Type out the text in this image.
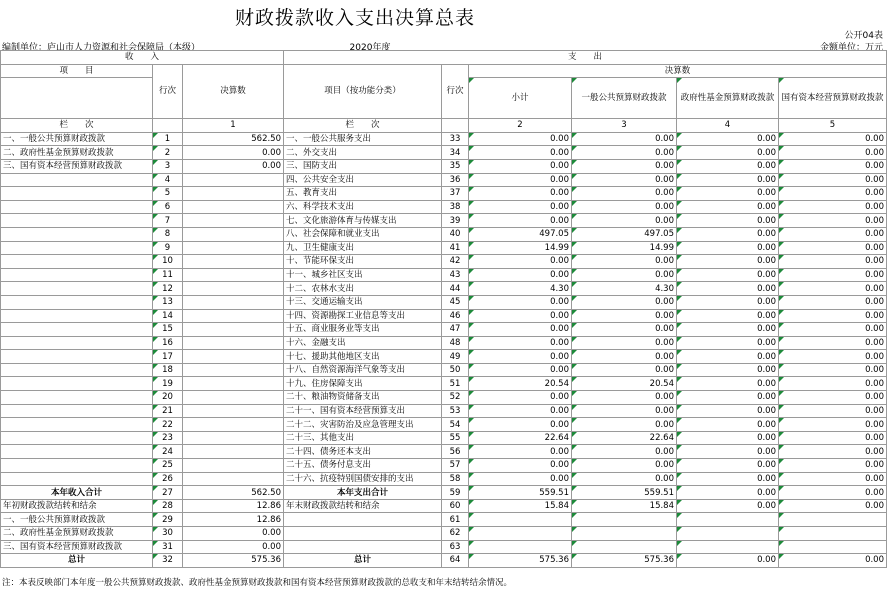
财政拨款收入支出决算总表
公开04表
编制单位：庐山市人力资源和社会保障局（本级）	2020年度	金额单位：万元
收　　入			支　　出					
项　　目	行次	决算数	项目（按功能分类）	行次	决算数			
					小计	一般公共预算财政拨款	政府性基金预算财政拨款	国有资本经营预算财政拨款
栏　　次		1	栏　　次		2	3	4	5
一、一般公共预算财政拨款	1	562.50	一、一般公共服务支出	33	0.00	0.00	0.00	0.00
二、政府性基金预算财政拨款	2	0.00	二、外交支出	34	0.00	0.00	0.00	0.00
三、国有资本经营预算财政拨款	3	0.00	三、国防支出	35	0.00	0.00	0.00	0.00
	4		四、公共安全支出	36	0.00	0.00	0.00	0.00
	5		五、教育支出	37	0.00	0.00	0.00	0.00
	6		六、科学技术支出	38	0.00	0.00	0.00	0.00
	7		七、文化旅游体育与传媒支出	39	0.00	0.00	0.00	0.00
	8		八、社会保障和就业支出	40	497.05	497.05	0.00	0.00
	9		九、卫生健康支出	41	14.99	14.99	0.00	0.00
	10		十、节能环保支出	42	0.00	0.00	0.00	0.00
	11		十一、城乡社区支出	43	0.00	0.00	0.00	0.00
	12		十二、农林水支出	44	4.30	4.30	0.00	0.00
	13		十三、交通运输支出	45	0.00	0.00	0.00	0.00
	14		十四、资源勘探工业信息等支出	46	0.00	0.00	0.00	0.00
	15		十五、商业服务业等支出	47	0.00	0.00	0.00	0.00
	16		十六、金融支出	48	0.00	0.00	0.00	0.00
	17		十七、援助其他地区支出	49	0.00	0.00	0.00	0.00
	18		十八、自然资源海洋气象等支出	50	0.00	0.00	0.00	0.00
	19		十九、住房保障支出	51	20.54	20.54	0.00	0.00
	20		二十、粮油物资储备支出	52	0.00	0.00	0.00	0.00
	21		二十一、国有资本经营预算支出	53	0.00	0.00	0.00	0.00
	22		二十二、灾害防治及应急管理支出	54	0.00	0.00	0.00	0.00
	23		二十三、其他支出	55	22.64	22.64	0.00	0.00
	24		二十四、债务还本支出	56	0.00	0.00	0.00	0.00
	25		二十五、债务付息支出	57	0.00	0.00	0.00	0.00
	26		二十六、抗疫特别国债安排的支出	58	0.00	0.00	0.00	0.00
本年收入合计	27	562.50	本年支出合计	59	559.51	559.51	0.00	0.00
年初财政拨款结转和结余	28	12.86	年末财政拨款结转和结余	60	15.84	15.84	0.00	0.00
一、一般公共预算财政拨款	29	12.86		61				
二、政府性基金预算财政拨款	30	0.00		62				
三、国有资本经营预算财政拨款	31	0.00		63				
总计	32	575.36	总计	64	575.36	575.36	0.00	0.00
注：本表反映部门本年度一般公共预算财政拨款、政府性基金预算财政拨款和国有资本经营预算财政拨款的总收支和年末结转结余情况。
